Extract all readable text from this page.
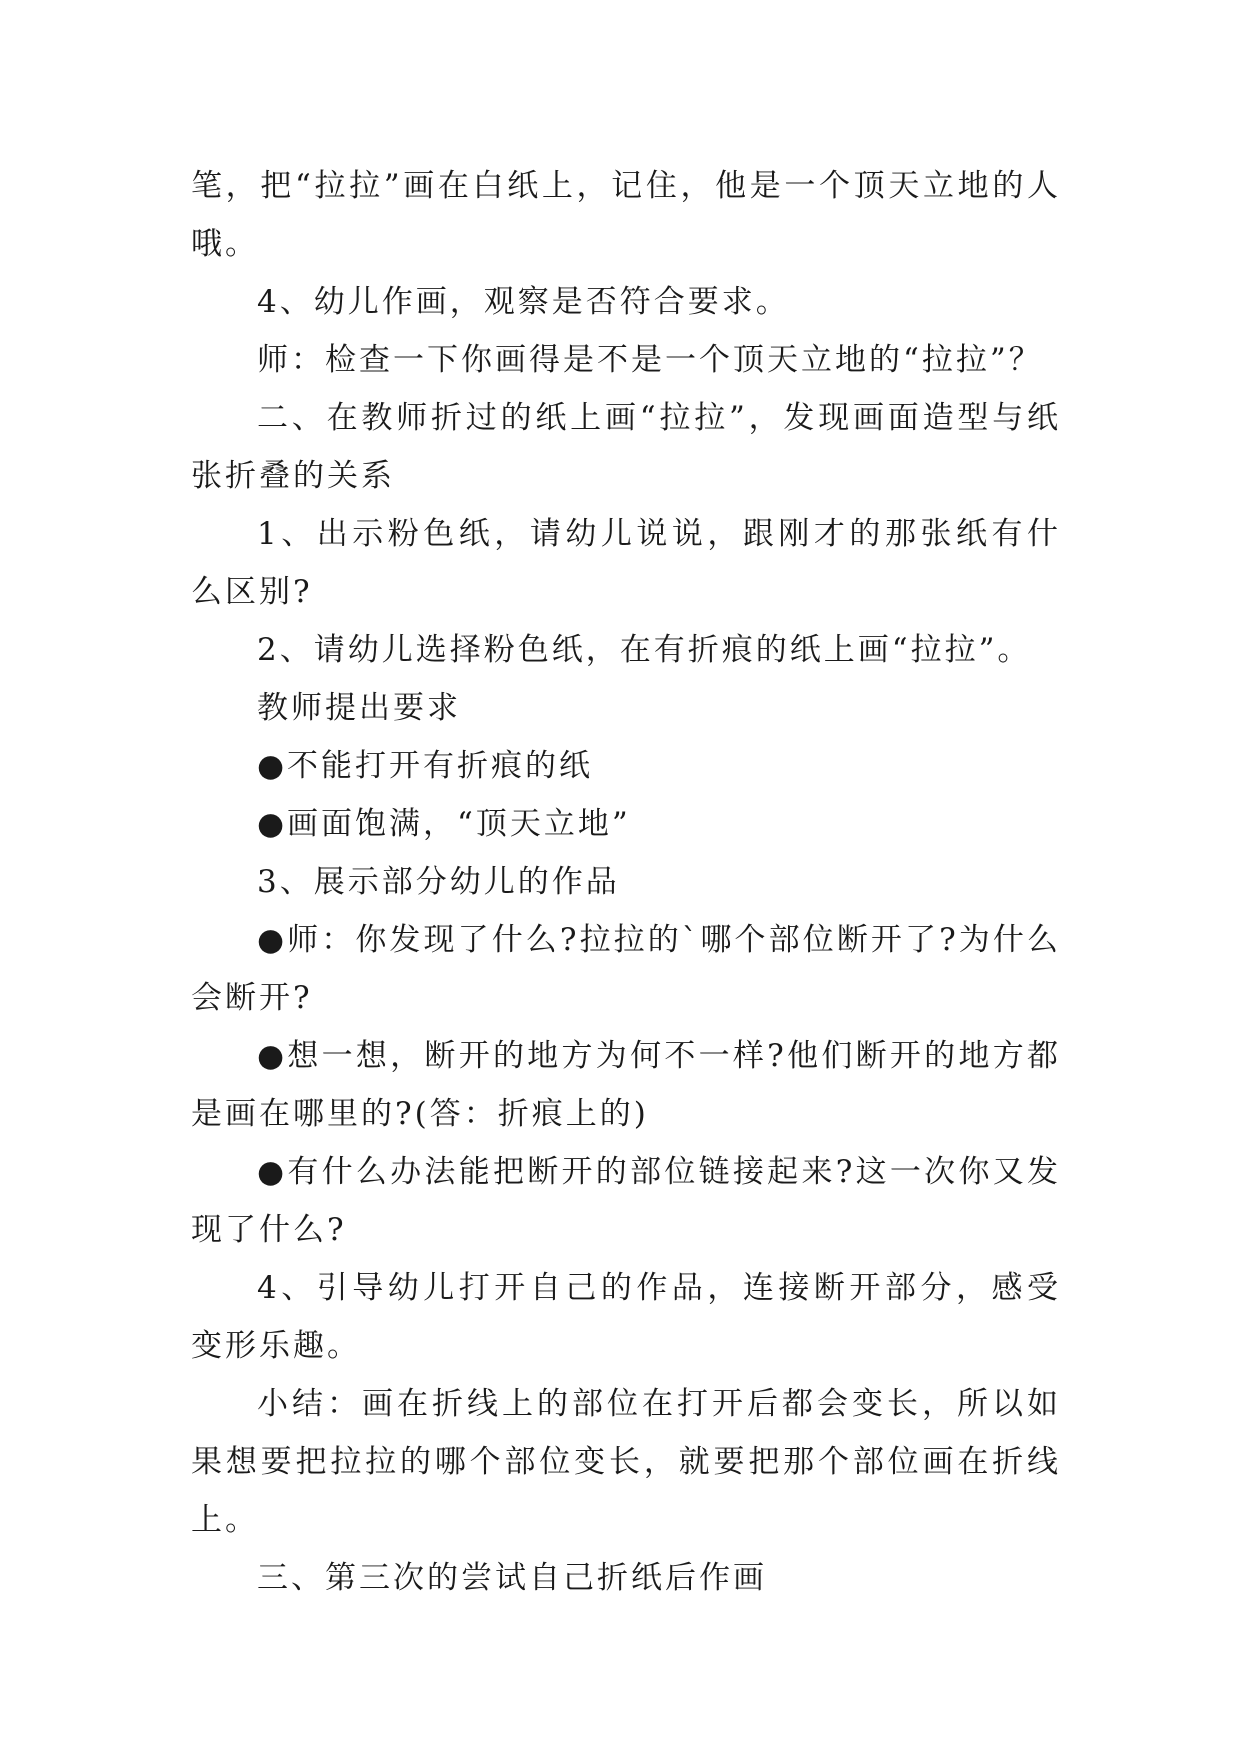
笔，把“拉拉”画在白纸上，记住，他是一个顶天立地的人哦。

4、幼儿作画，观察是否符合要求。

师：检查一下你画得是不是一个顶天立地的“拉拉”？

二、在教师折过的纸上画“拉拉”，发现画面造型与纸张折叠的关系

1、出示粉色纸，请幼儿说说，跟刚才的那张纸有什么区别?

2、请幼儿选择粉色纸，在有折痕的纸上画“拉拉”。

教师提出要求

●不能打开有折痕的纸

●画面饱满，“顶天立地”

3、展示部分幼儿的作品

●师：你发现了什么?拉拉的`哪个部位断开了?为什么会断开?

●想一想，断开的地方为何不一样?他们断开的地方都是画在哪里的?(答：折痕上的)

●有什么办法能把断开的部位链接起来?这一次你又发现了什么?

4、引导幼儿打开自己的作品，连接断开部分，感受变形乐趣。

小结：画在折线上的部位在打开后都会变长，所以如果想要把拉拉的哪个部位变长，就要把那个部位画在折线上。

三、第三次的尝试自己折纸后作画
